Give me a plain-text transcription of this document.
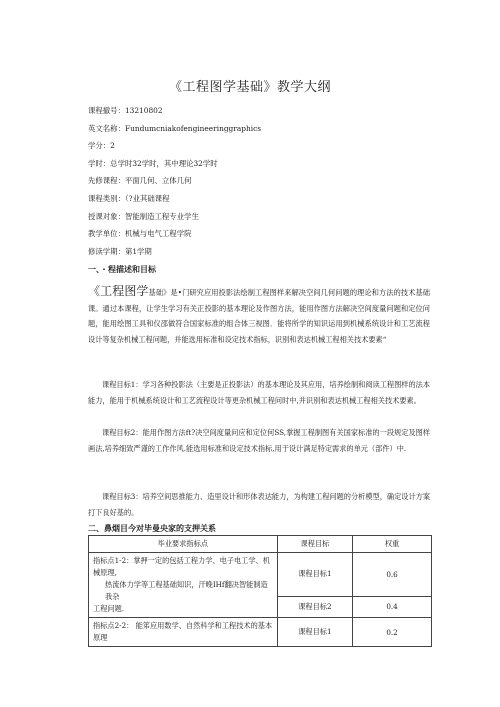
《工程图学基础》教学大纲
课程撤号：13210802
英文名称：Fundumcniakofengineeringgraphics
学分：2
学时：总学时32学时，其中理论32学时
先修课程：平面几何、立体几何
课程类别：（?业其础课程
授课对象：智能制造工程专业学生
教学单位：机械与电气工程学院
修读学期：第1学期
一、・程描述和目标
《工程图学基础》是•门研究应用投影法绘制工程图样来解决空间几何问题的理论和方法的技术基础课。通过本课程，让学生学习有关正投影的基本理论及作图方法，能用作图方法解决空间度量问题和定位问题，能用绘图工具和仪邵做符合国家标准的组合体三视图．能将所学的知识运用到机械系统设计和工艺流程设计等复杂机械工程问题，并能选用标准和设定技术指标，识别和表达机械工程相关技术要素“
课程目标1：学习各种投影法（主要是正投影法）的基本理论及其应用，培养绘制和阅读工程图样的法本能力，能用于机械系统设计和工艺流程设计等更杂机械工程问时中,并识别和表达机械工程相关技术要素。
课程目标2：能用作图方法ft?决空间度量问应和定位何SS,掌握工程制图有关国家标准的一段规定及图样画法,培养细致严谨的工作作风.能选用标准和设定技术指标,用于设计满足特定需求的单元（部件）中.
课程目标3：培养空间思推能力、造里设计和形体表达能力，为构建工程问题的分析模型，确定设计方案打下良好基的。
二、鼻烟目今对毕曼央家的支押关系
毕业要求指标点	课程目标	权重

指标点1-2：掌押一定的包括工程力学、电子电工学、机械原理,
热流体力学等工程基础知识，汗晚IHf翻决智能制造我杂
工程问题.	课程目标1	0.6
	课程目标2	0.4
指标点2-2： 能笫应用数学、自然科学和工程技术的基本原理	课程目标1	0.2
